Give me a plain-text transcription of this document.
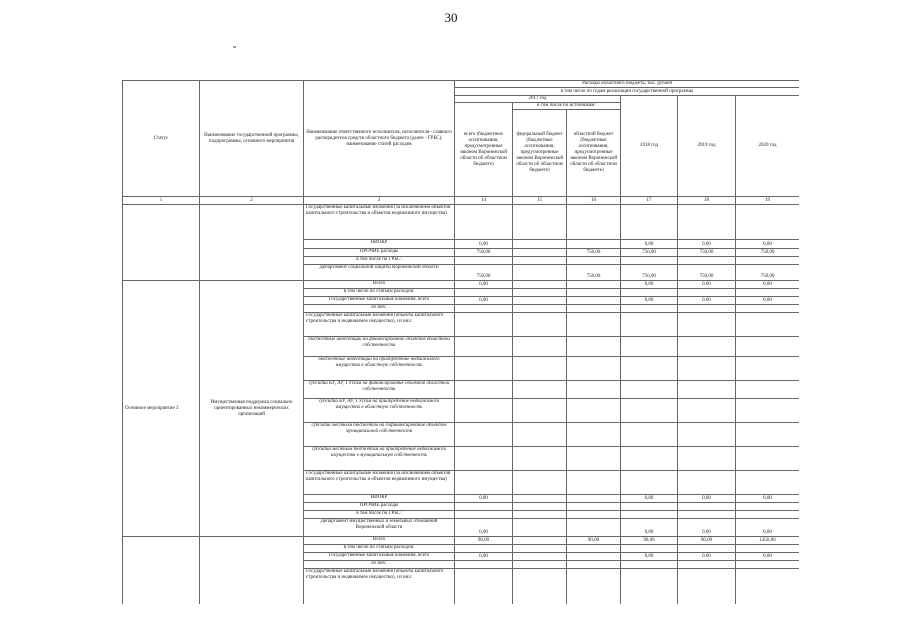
30
Статус	Наименование государственной программы, подпрограммы, основного мероприятия	Наименование ответственного исполнителя, исполнителя - главного распорядителя средств областного бюджета (далее - ГРБС), наименование статей расходов	Расходы областного бюджета, тыс. рублей					
			в том числе по годам реализации государственной программы					
			2017 год			2018 год	2019 год	2020 год
			всего (бюджетные ассигнования, предусмотренные законом Воронежской области об областном бюджете)	в том числе по источникам:				
				федеральный бюджет (бюджетные ассигнования, предусмотренные законом Воронежской области об областном бюджете)	областной бюджет (бюджетные ассигнования, предусмотренные законом Воронежской области об областном бюджете)			
1	2	3	14	15	16	17	18	19
		Государственные капитальные вложения (за исключением объектов капитального строительства и объектов недвижимого имущества)						
		НИОКР	0,00			0,00	0,00	0,00
		ПРОЧИЕ расходы	750,00		750,00	750,00	750,00	750,00
		в том числе по ГРБС:						
		Департамент социальной защиты Воронежской области	750,00		750,00	750,00	750,00	750,00
Основное мероприятие 3	Имущественная поддержка социально ориентированных некоммерческих организаций	Всего	0,00			0,00	0,00	0,00
		в том числе по статьям расходов:						
		Государственные капитальные вложения, всего	0,00			0,00	0,00	0,00
		из них:						
		Государственные капитальные вложения (объекты капитального строительства и недвижимое имущество), из них:						
		бюджетные инвестиции на финансирование объектов областной собственности						
		бюджетные инвестиции на приобретение недвижимого имущества в областную собственность						
		субсидии БУ, АУ, ГУПам на финансирование объектов областной собственности						
		субсидии БУ, АУ, ГУПам на приобретение недвижимого имущества в областную собственность						
		субсидии местным бюджетам на софинансирование объектов муниципальной собственности						
		субсидии местным бюджетам на приобретение недвижимого имущества в муниципальную собственность						
		Государственные капитальные вложения (за исключением объектов капитального строительства и объектов недвижимого имущества)						
		НИОКР	0,00			0,00	0,00	0,00
		ПРОЧИЕ расходы						
		в том числе по ГРБС:						
		Департамент имущественных и земельных отношений Воронежской области	0,00			0,00	0,00	0,00
		Всего	90,00		90,00	90,00	90,00	1450,00
		в том числе по статьям расходов:						
		Государственные капитальные вложения, всего	0,00			0,00	0,00	0,00
		из них:						
		Государственные капитальные вложения (объекты капитального строительства и недвижимое имущество), из них:						
